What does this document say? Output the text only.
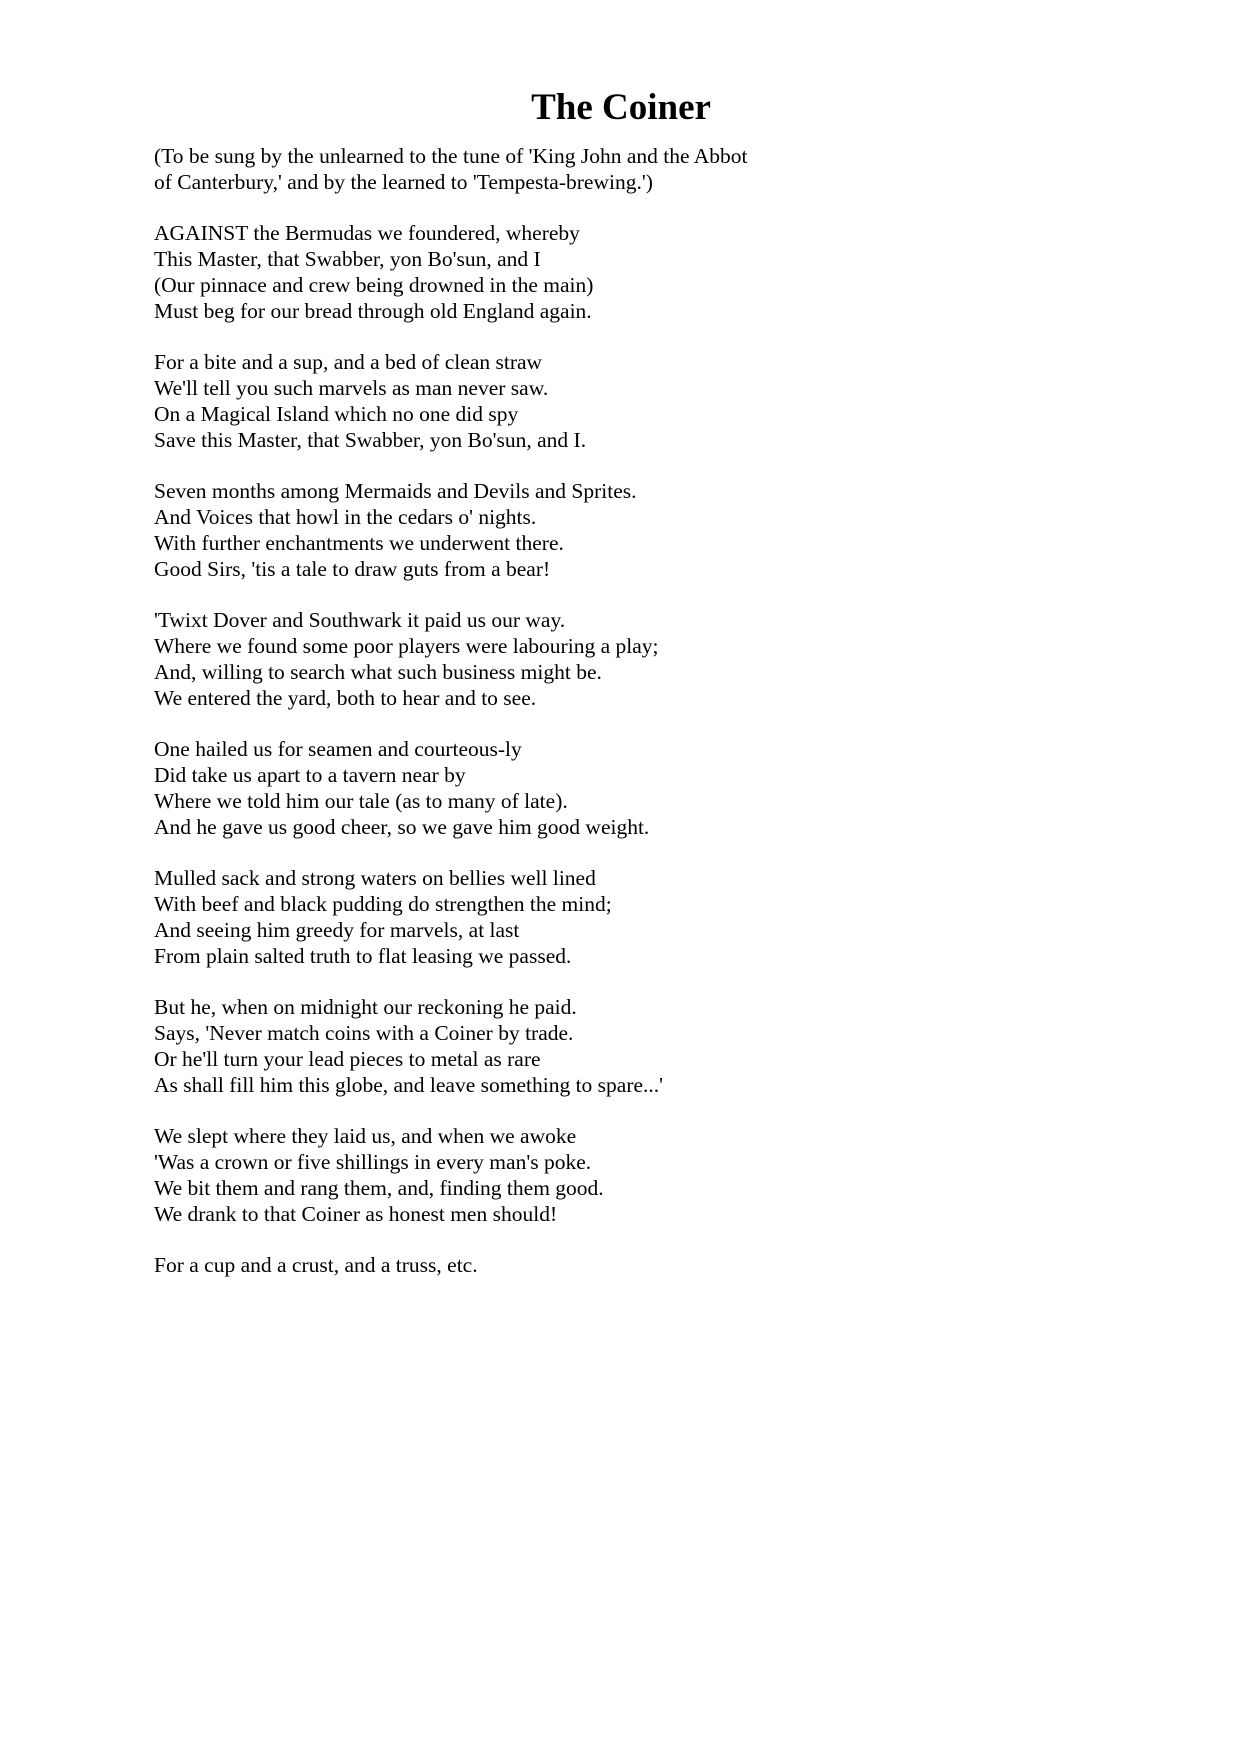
The Coiner
(To be sung by the unlearned to the tune of 'King John and the Abbot
of Canterbury,' and by the learned to 'Tempesta-brewing.')
AGAINST the Bermudas we foundered, whereby
This Master, that Swabber, yon Bo'sun, and I
(Our pinnace and crew being drowned in the main)
Must beg for our bread through old England again.
For a bite and a sup, and a bed of clean straw
We'll tell you such marvels as man never saw.
On a Magical Island which no one did spy
Save this Master, that Swabber, yon Bo'sun, and I.
Seven months among Mermaids and Devils and Sprites.
And Voices that howl in the cedars o' nights.
With further enchantments we underwent there.
Good Sirs, 'tis a tale to draw guts from a bear!
'Twixt Dover and Southwark it paid us our way.
Where we found some poor players were labouring a play;
And, willing to search what such business might be.
We entered the yard, both to hear and to see.
One hailed us for seamen and courteous-ly
Did take us apart to a tavern near by
Where we told him our tale (as to many of late).
And he gave us good cheer, so we gave him good weight.
Mulled sack and strong waters on bellies well lined
With beef and black pudding do strengthen the mind;
And seeing him greedy for marvels, at last
From plain salted truth to flat leasing we passed.
But he, when on midnight our reckoning he paid.
Says, 'Never match coins with a Coiner by trade.
Or he'll turn your lead pieces to metal as rare
As shall fill him this globe, and leave something to spare...'
We slept where they laid us, and when we awoke
'Was a crown or five shillings in every man's poke.
We bit them and rang them, and, finding them good.
We drank to that Coiner as honest men should!
For a cup and a crust, and a truss, etc.
